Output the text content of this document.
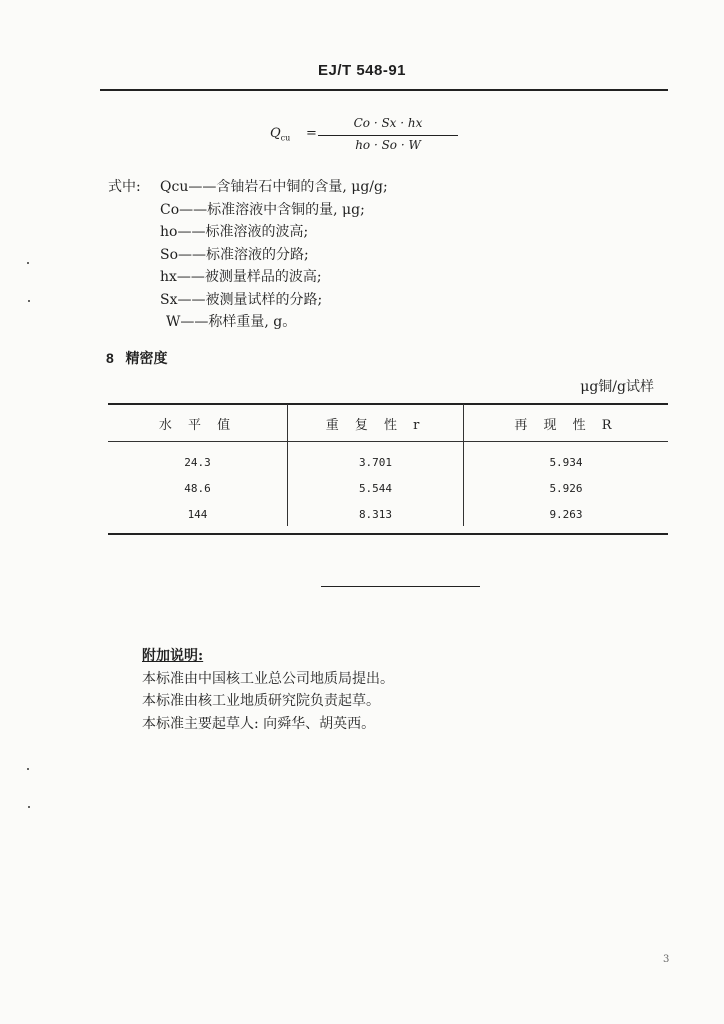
EJ/T 548-91
$Q_{cu}$ =
Co · Sx · hx
ho · So · W
式中:	Qcu——含铀岩石中铜的含量, μg/g;
Co——标准溶液中含铜的量, μg;
ho——标准溶液的波高;
So——标准溶液的分路;
hx——被测量样品的波高;
Sx——被测量试样的分路;
W——称样重量, g。
8 精密度
μg铜/g试样
水 平 值	重 复 性 r	再 现 性 R
24.3	3.701	5.934
48.6	5.544	5.926
144	8.313	9.263
附加说明:
本标准由中国核工业总公司地质局提出。
本标准由核工业地质研究院负责起草。
本标准主要起草人: 向舜华、胡英西。
3
